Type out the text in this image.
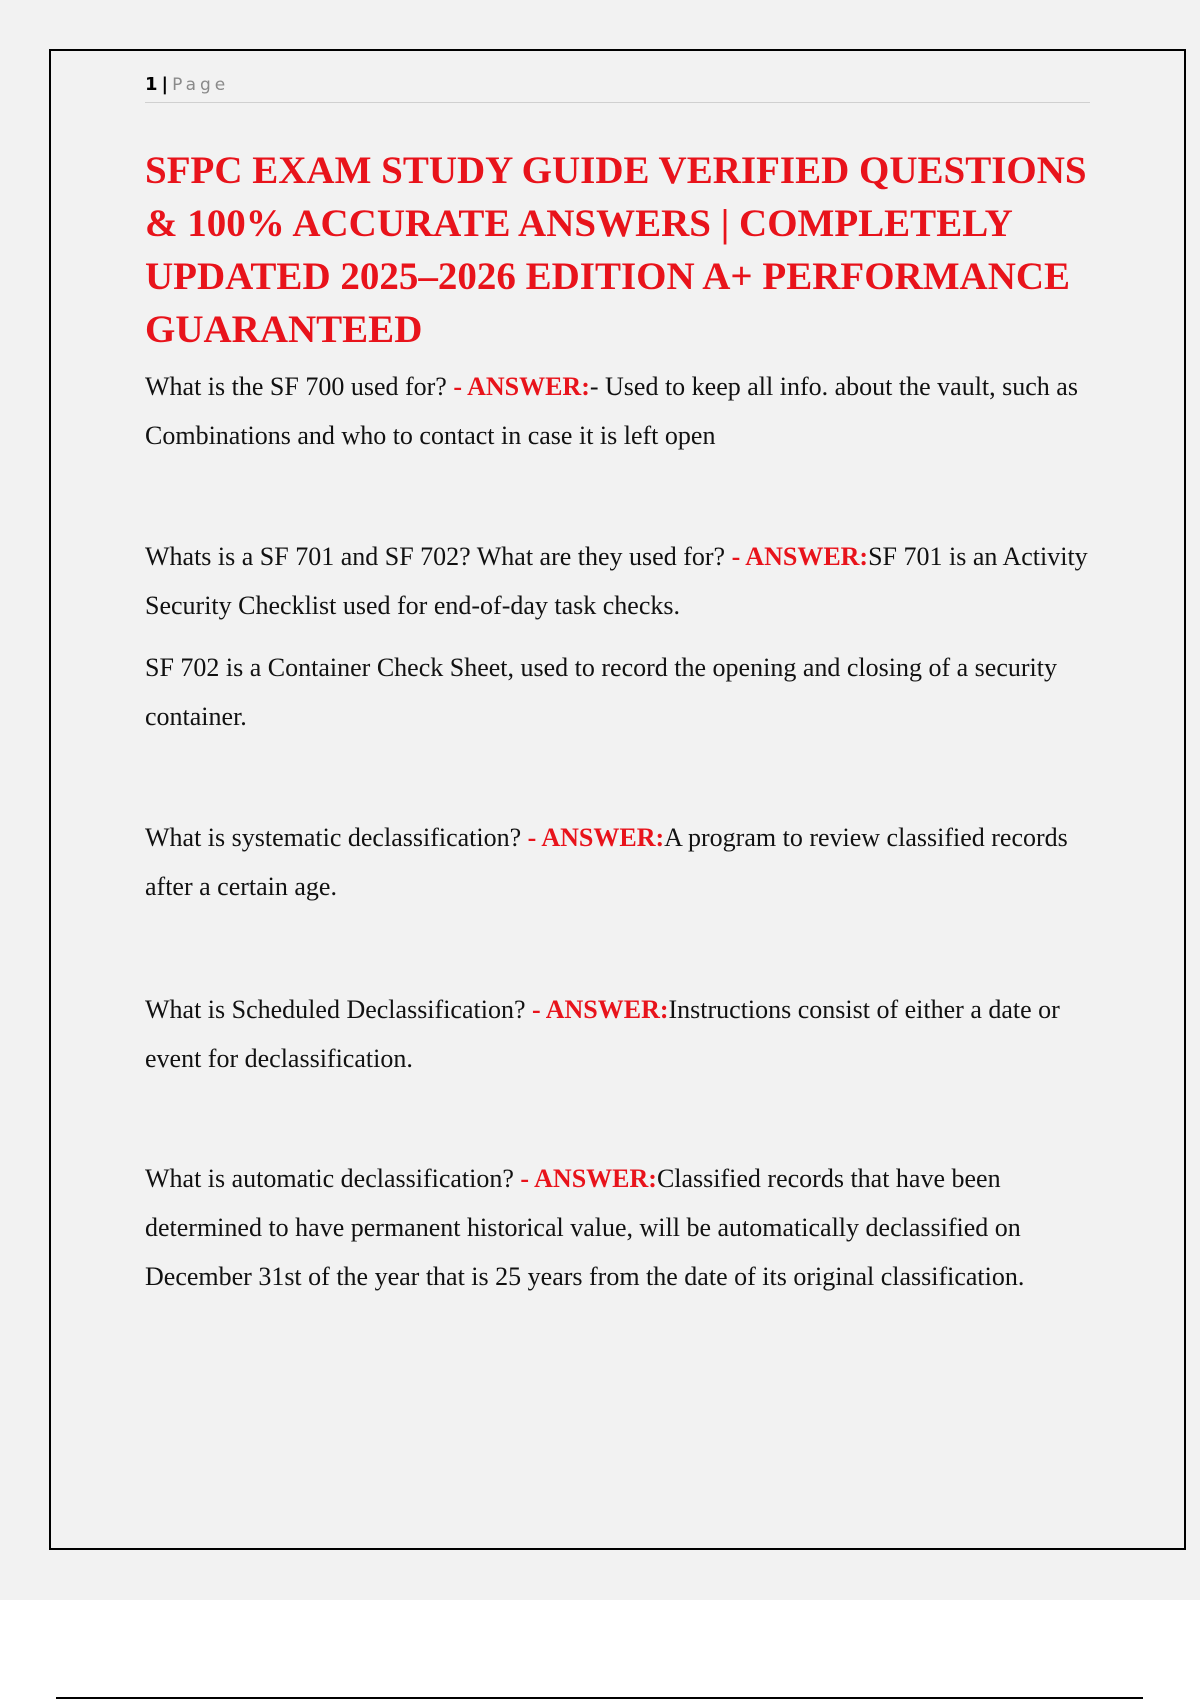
1 | Page
SFPC EXAM STUDY GUIDE VERIFIED QUESTIONS & 100% ACCURATE ANSWERS | COMPLETELY UPDATED 2025–2026 EDITION A+ PERFORMANCE GUARANTEED

What is the SF 700 used for? - ANSWER:- Used to keep all info. about the vault, such as Combinations and who to contact in case it is left open

Whats is a SF 701 and SF 702? What are they used for? - ANSWER:SF 701 is an Activity Security Checklist used for end-of-day task checks.

SF 702 is a Container Check Sheet, used to record the opening and closing of a security container.

What is systematic declassification? - ANSWER:A program to review classified records after a certain age.

What is Scheduled Declassification? - ANSWER:Instructions consist of either a date or event for declassification.

What is automatic declassification? - ANSWER:Classified records that have been determined to have permanent historical value, will be automatically declassified on December 31st of the year that is 25 years from the date of its original classification.
